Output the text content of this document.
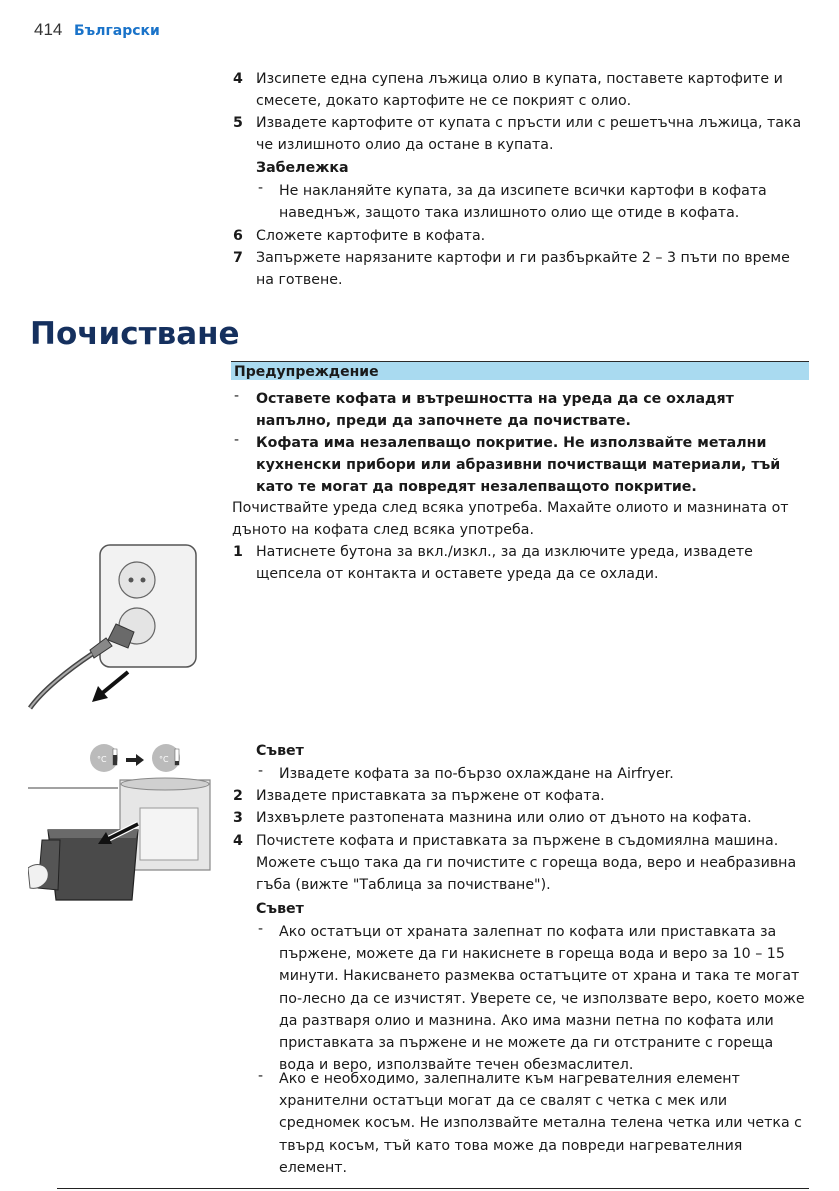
414 Български
4 Изсипете една супена лъжица олио в купата, поставете картофите и смесете, докато картофите не се покрият с олио.
5 Извадете картофите от купата с пръсти или с решетъчна лъжица, така че излишното олио да остане в купата.
Забележка
- Не накланяйте купата, за да изсипете всички картофи в кофата наведнъж, защото така излишното олио ще отиде в кофата.
6 Сложете картофите в кофата.
7 Запържете нарязаните картофи и ги разбъркайте 2 – 3 пъти по време на готвене.
Почистване
Предупреждение
- Оставете кофата и вътрешността на уреда да се охладят напълно, преди да започнете да почиствате.
- Кофата има незалепващо покритие. Не използвайте метални кухненски прибори или абразивни почистващи материали, тъй като те могат да повредят незалепващото покритие.
Почиствайте уреда след всяка употреба. Махайте олиото и мазнината от дъното на кофата след всяка употреба.
1 Натиснете бутона за вкл./изкл., за да изключите уреда, извадете щепсела от контакта и оставете уреда да се охлади.
°C	°C
Съвет
- Извадете кофата за по-бързо охлаждане на Airfryer.
2 Извадете приставката за пържене от кофата.
3 Изхвърлете разтопената мазнина или олио от дъното на кофата.
4 Почистете кофата и приставката за пържене в съдомиялна машина. Можете също така да ги почистите с гореща вода, веро и неабразивна гъба (вижте "Таблица за почистване").
Съвет
- Ако остатъци от храната залепнат по кофата или приставката за пържене, можете да ги накиснете в гореща вода и веро за 10 – 15 минути. Накисването размеква остатъците от храна и така те могат по-лесно да се изчистят. Уверете се, че използвате веро, което може да разтваря олио и мазнина. Ако има мазни петна по кофата или приставката за пържене и не можете да ги отстраните с гореща вода и веро, използвайте течен обезмаслител.
- Ако е необходимо, залепналите към нагревателния елемент хранителни остатъци могат да се свалят с четка с мек или средномек косъм. Не използвайте метална телена четка или четка с твърд косъм, тъй като това може да повреди нагревателния елемент.
